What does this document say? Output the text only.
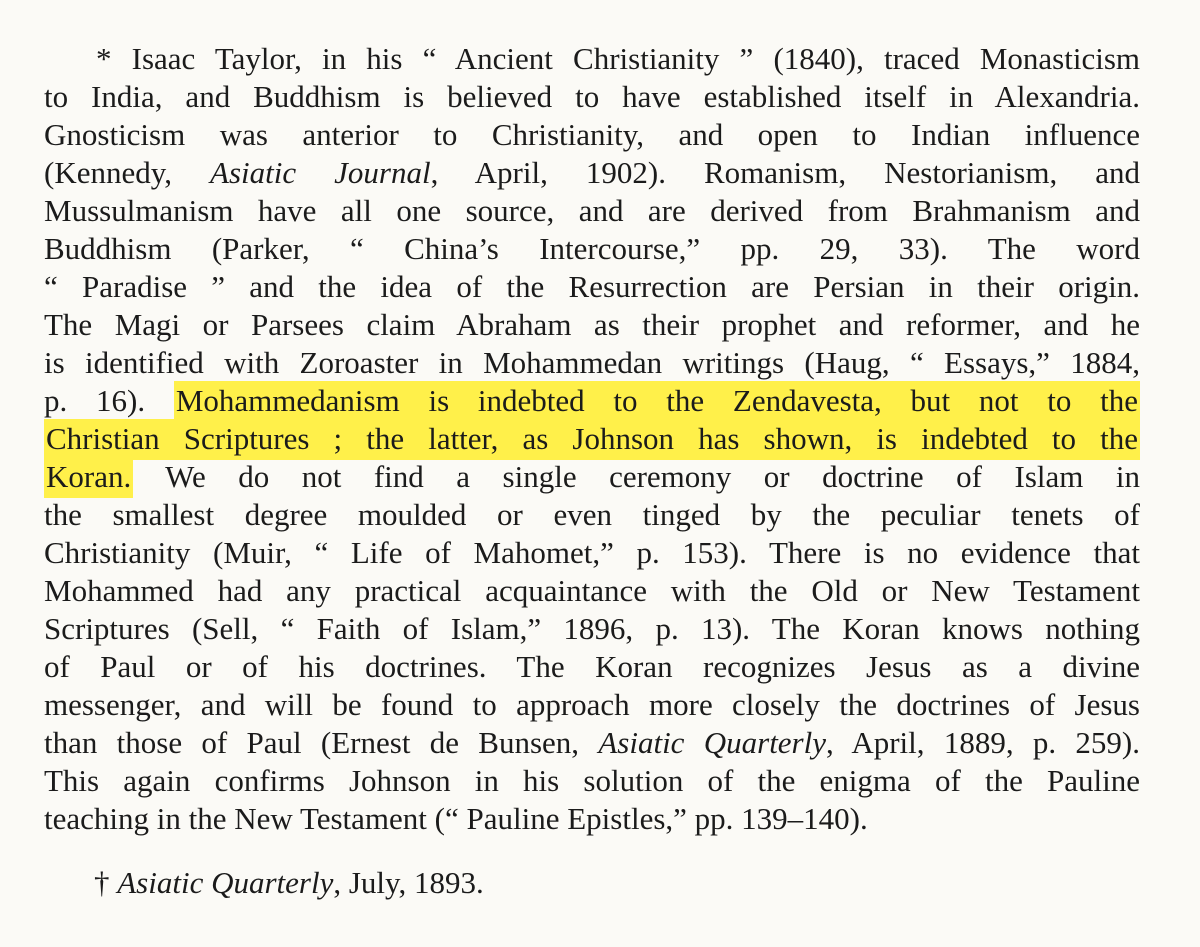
* Isaac Taylor, in his “ Ancient Christianity ” (1840), traced Monasticism
to India, and Buddhism is believed to have established itself in Alexandria.
Gnosticism was anterior to Christianity, and open to Indian influence
(Kennedy, Asiatic Journal, April, 1902). Romanism, Nestorianism, and
Mussulmanism have all one source, and are derived from Brahmanism and
Buddhism (Parker, “ China’s Intercourse,” pp. 29, 33). The word
“ Paradise ” and the idea of the Resurrection are Persian in their origin.
The Magi or Parsees claim Abraham as their prophet and reformer, and he
is identified with Zoroaster in Mohammedan writings (Haug, “ Essays,” 1884,
p. 16). Mohammedanism is indebted to the Zendavesta, but not to the
Christian Scriptures ; the latter, as Johnson has shown, is indebted to the
Koran. We do not find a single ceremony or doctrine of Islam in
the smallest degree moulded or even tinged by the peculiar tenets of
Christianity (Muir, “ Life of Mahomet,” p. 153). There is no evidence that
Mohammed had any practical acquaintance with the Old or New Testament
Scriptures (Sell, “ Faith of Islam,” 1896, p. 13). The Koran knows nothing
of Paul or of his doctrines. The Koran recognizes Jesus as a divine
messenger, and will be found to approach more closely the doctrines of Jesus
than those of Paul (Ernest de Bunsen, Asiatic Quarterly, April, 1889, p. 259).
This again confirms Johnson in his solution of the enigma of the Pauline
teaching in the New Testament (“ Pauline Epistles,” pp. 139–140).
† Asiatic Quarterly, July, 1893.
